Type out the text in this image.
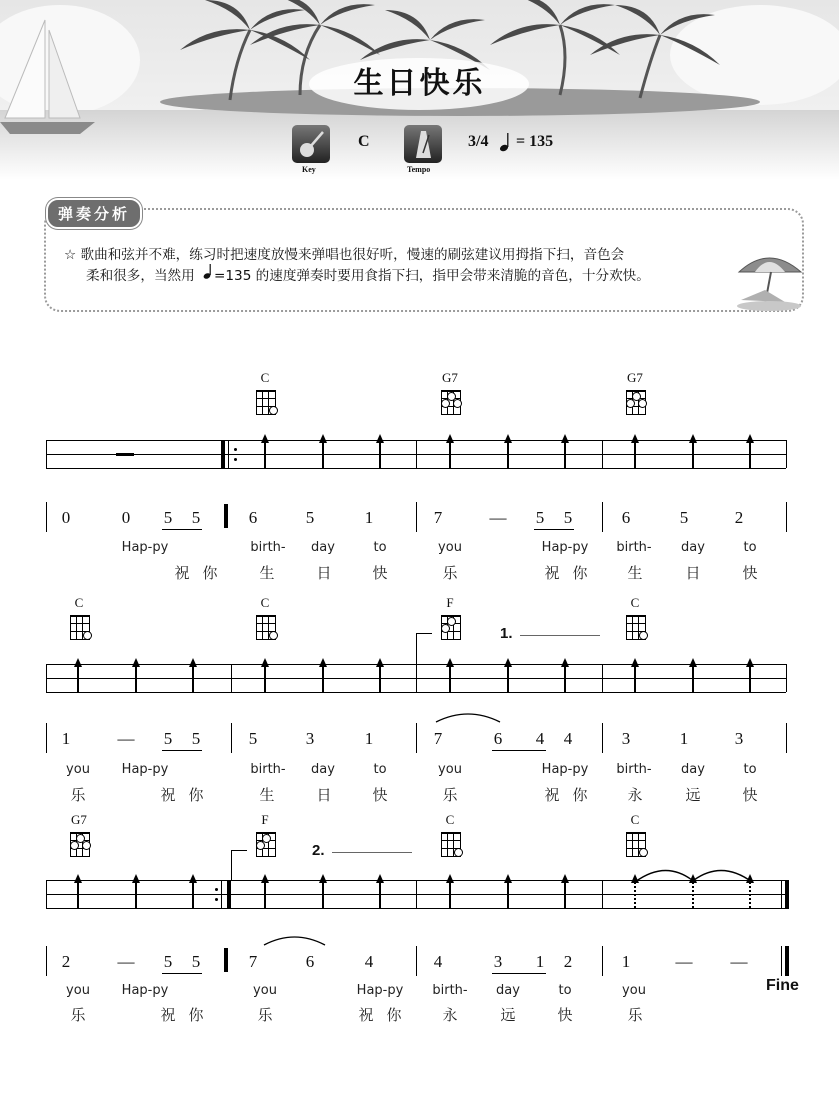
生日快乐
Key
C
Tempo
3/4 = 135
弹奏分析
☆ 歌曲和弦并不难，练习时把速度放慢来弹唱也很好听，慢速的刷弦建议用拇指下扫，音色会
柔和很多，当然用 =135 的速度弹奏时要用食指下扫，指甲会带来清脆的音色，十分欢快。
C	G7	G7
0	0	5	5	6	5	1	7	—	5	5	6	5	2
Hap-py	birth-	day	to	you	Hap-py	birth-	day	to
祝 你	生	日	快	乐	祝 你	生	日	快
C	C	F	C
1.
1	—	5	5	5	3	1	7	6	4	4	3	1	3
you	Hap-py	birth-	day	to	you	Hap-py	birth-	day	to
乐	祝 你	生	日	快	乐	祝 你	永	远	快
G7	F	C	C
2.
Fine
2	—	5	5	7	6	4	4	3	1	2	1	— —
you	Hap-py	you	Hap-py	birth-	day	to	you
乐	祝 你	乐	祝 你	永	远	快	乐
